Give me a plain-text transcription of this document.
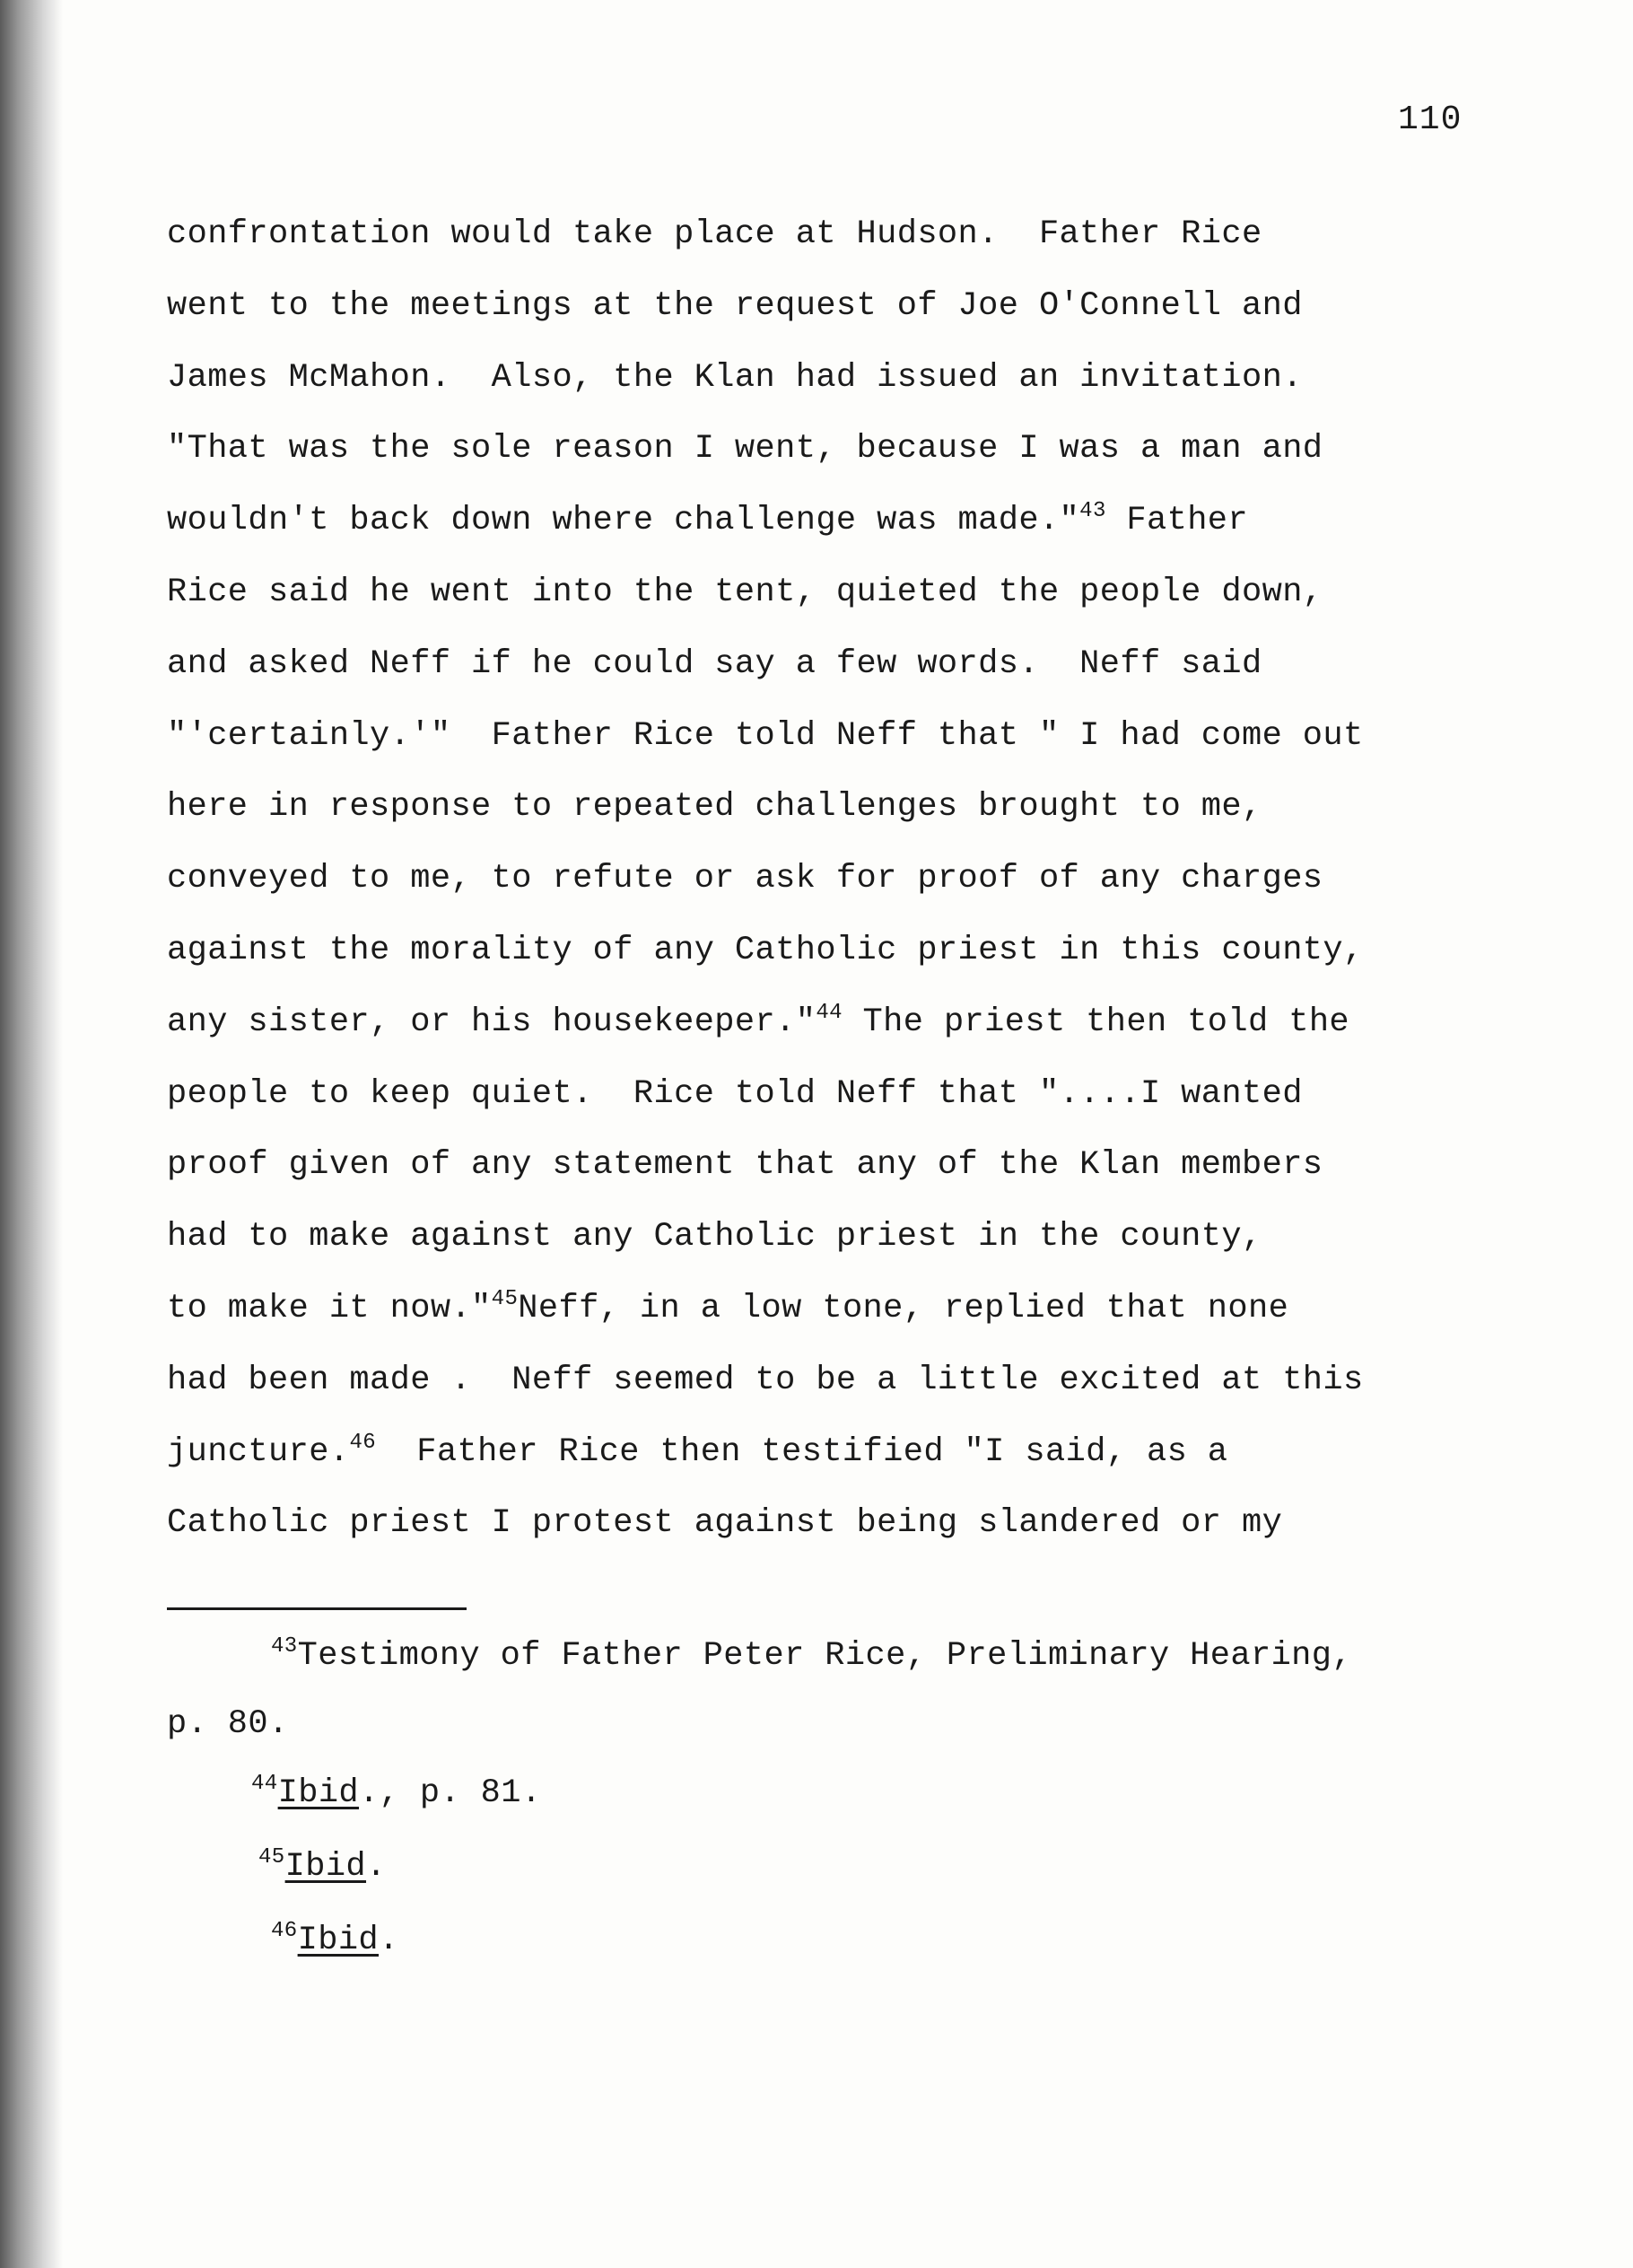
110
confrontation would take place at Hudson.  Father Rice
went to the meetings at the request of Joe O'Connell and
James McMahon.  Also, the Klan had issued an invitation.
"That was the sole reason I went, because I was a man and
wouldn't back down where challenge was made."$^{43}$ Father
Rice said he went into the tent, quieted the people down,
and asked Neff if he could say a few words.  Neff said
"'certainly.'"  Father Rice told Neff that " I had come out
here in response to repeated challenges brought to me,
conveyed to me, to refute or ask for proof of any charges
against the morality of any Catholic priest in this county,
any sister, or his housekeeper."$^{44}$ The priest then told the
people to keep quiet.  Rice told Neff that "....I wanted
proof given of any statement that any of the Klan members
had to make against any Catholic priest in the county,
to make it now."$^{45}$Neff, in a low tone, replied that none
had been made .  Neff seemed to be a little excited at this
juncture.$^{46}$  Father Rice then testified "I said, as a
Catholic priest I protest against being slandered or my
$^{43}$Testimony of Father Peter Rice, Preliminary Hearing,
p. 80.
$^{44}$Ibid., p. 81.
$^{45}$Ibid.
$^{46}$Ibid.
